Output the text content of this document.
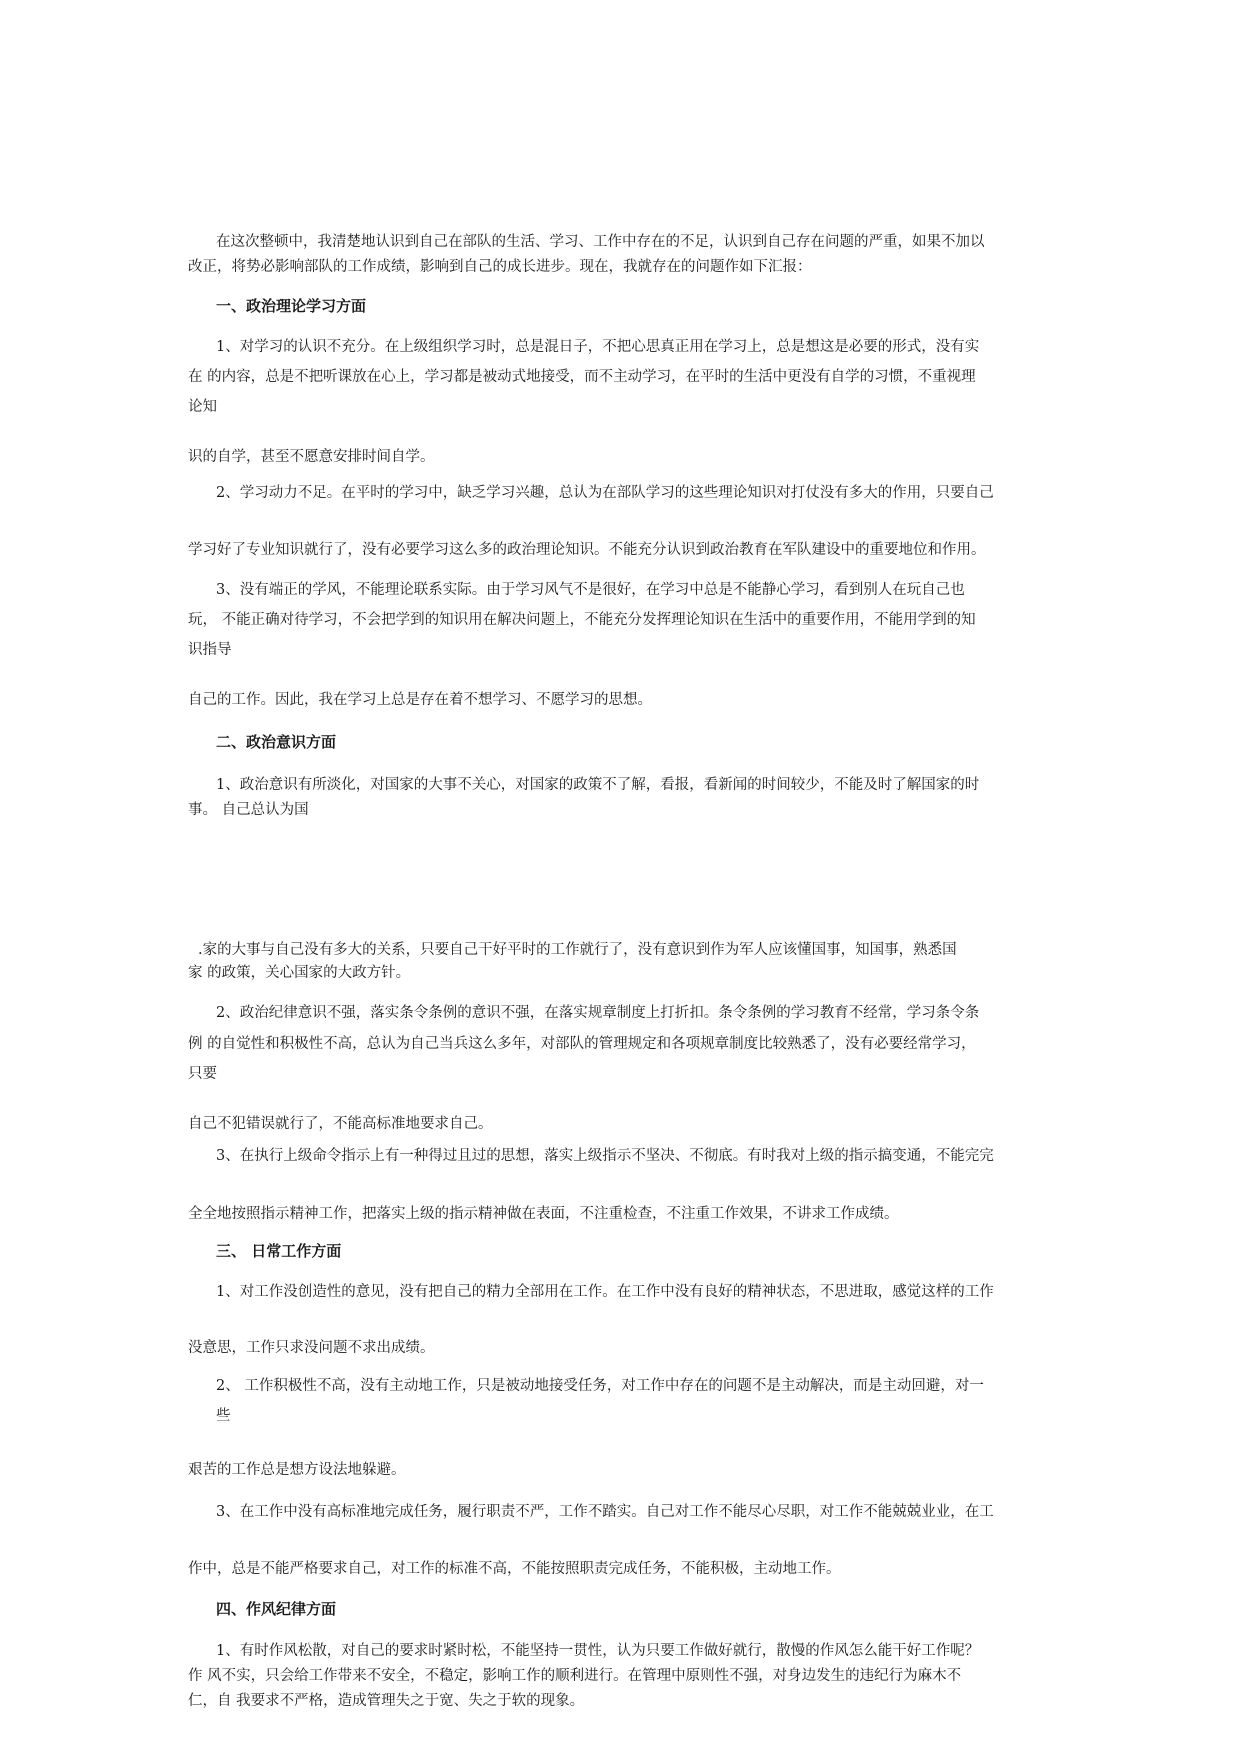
在这次整顿中，我清楚地认识到自己在部队的生活、学习、工作中存在的不足，认识到自己存在问题的严重，如果不加以

改正，将势必影响部队的工作成绩，影响到自己的成长进步。现在，我就存在的问题作如下汇报：

一、政治理论学习方面

1、对学习的认识不充分。在上级组织学习时，总是混日子，不把心思真正用在学习上，总是想这是必要的形式，没有实

在 的内容，总是不把听课放在心上，学习都是被动式地接受，而不主动学习，在平时的生活中更没有自学的习惯，不重视理

论知

识的自学，甚至不愿意安排时间自学。

2、学习动力不足。在平时的学习中，缺乏学习兴趣，总认为在部队学习的这些理论知识对打仗没有多大的作用，只要自己

学习好了专业知识就行了，没有必要学习这么多的政治理论知识。不能充分认识到政治教育在军队建设中的重要地位和作用。

3、没有端正的学风，不能理论联系实际。由于学习风气不是很好，在学习中总是不能静心学习，看到别人在玩自己也

玩， 不能正确对待学习，不会把学到的知识用在解决问题上，不能充分发挥理论知识在生活中的重要作用，不能用学到的知

识指导

自己的工作。因此，我在学习上总是存在着不想学习、不愿学习的思想。

二、政治意识方面

1、政治意识有所淡化，对国家的大事不关心，对国家的政策不了解，看报，看新闻的时间较少，不能及时了解国家的时

事。 自己总认为国

.家的大事与自己没有多大的关系，只要自己干好平时的工作就行了，没有意识到作为军人应该懂国事，知国事，熟悉国

家 的政策，关心国家的大政方针。

2、政治纪律意识不强，落实条令条例的意识不强，在落实规章制度上打折扣。条令条例的学习教育不经常，学习条令条

例 的自觉性和积极性不高，总认为自己当兵这么多年，对部队的管理规定和各项规章制度比较熟悉了，没有必要经常学习，

只要

自己不犯错误就行了，不能高标准地要求自己。

3、在执行上级命令指示上有一种得过且过的思想，落实上级指示不坚决、不彻底。有时我对上级的指示搞变通，不能完完

全全地按照指示精神工作，把落实上级的指示精神做在表面，不注重检查，不注重工作效果，不讲求工作成绩。

三、 日常工作方面

1、对工作没创造性的意见，没有把自己的精力全部用在工作。在工作中没有良好的精神状态，不思进取，感觉这样的工作

没意思，工作只求没问题不求出成绩。

2、 工作积极性不高，没有主动地工作，只是被动地接受任务，对工作中存在的问题不是主动解决，而是主动回避，对一

些

艰苦的工作总是想方设法地躲避。

3、在工作中没有高标准地完成任务，履行职责不严，工作不踏实。自己对工作不能尽心尽职，对工作不能兢兢业业，在工

作中，总是不能严格要求自己，对工作的标准不高，不能按照职责完成任务，不能积极，主动地工作。

四、作风纪律方面

1、有时作风松散，对自己的要求时紧时松，不能坚持一贯性，认为只要工作做好就行，散慢的作风怎么能干好工作呢？

作 风不实，只会给工作带来不安全，不稳定，影响工作的顺利进行。在管理中原则性不强，对身边发生的违纪行为麻木不

仁，自 我要求不严格，造成管理失之于宽、失之于软的现象。
